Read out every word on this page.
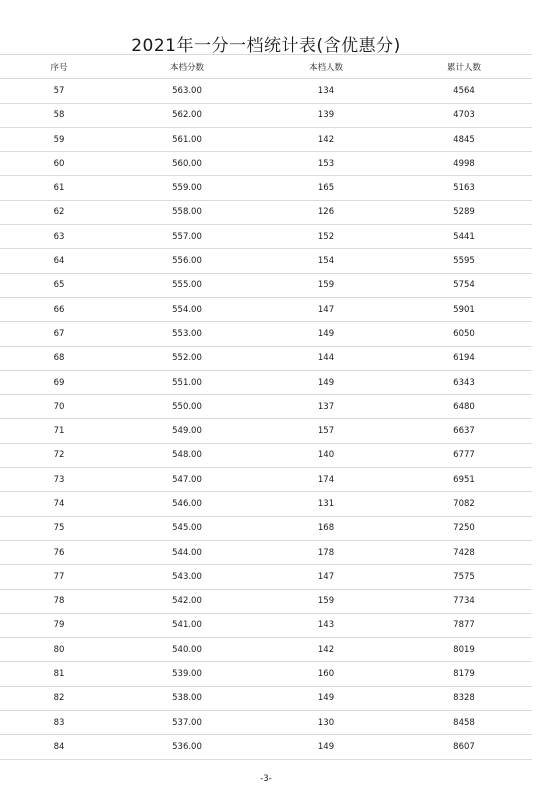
2021年一分一档统计表(含优惠分)
序号	本档分数	本档人数	累计人数
57	563.00	134	4564
58	562.00	139	4703
59	561.00	142	4845
60	560.00	153	4998
61	559.00	165	5163
62	558.00	126	5289
63	557.00	152	5441
64	556.00	154	5595
65	555.00	159	5754
66	554.00	147	5901
67	553.00	149	6050
68	552.00	144	6194
69	551.00	149	6343
70	550.00	137	6480
71	549.00	157	6637
72	548.00	140	6777
73	547.00	174	6951
74	546.00	131	7082
75	545.00	168	7250
76	544.00	178	7428
77	543.00	147	7575
78	542.00	159	7734
79	541.00	143	7877
80	540.00	142	8019
81	539.00	160	8179
82	538.00	149	8328
83	537.00	130	8458
84	536.00	149	8607
-3-
